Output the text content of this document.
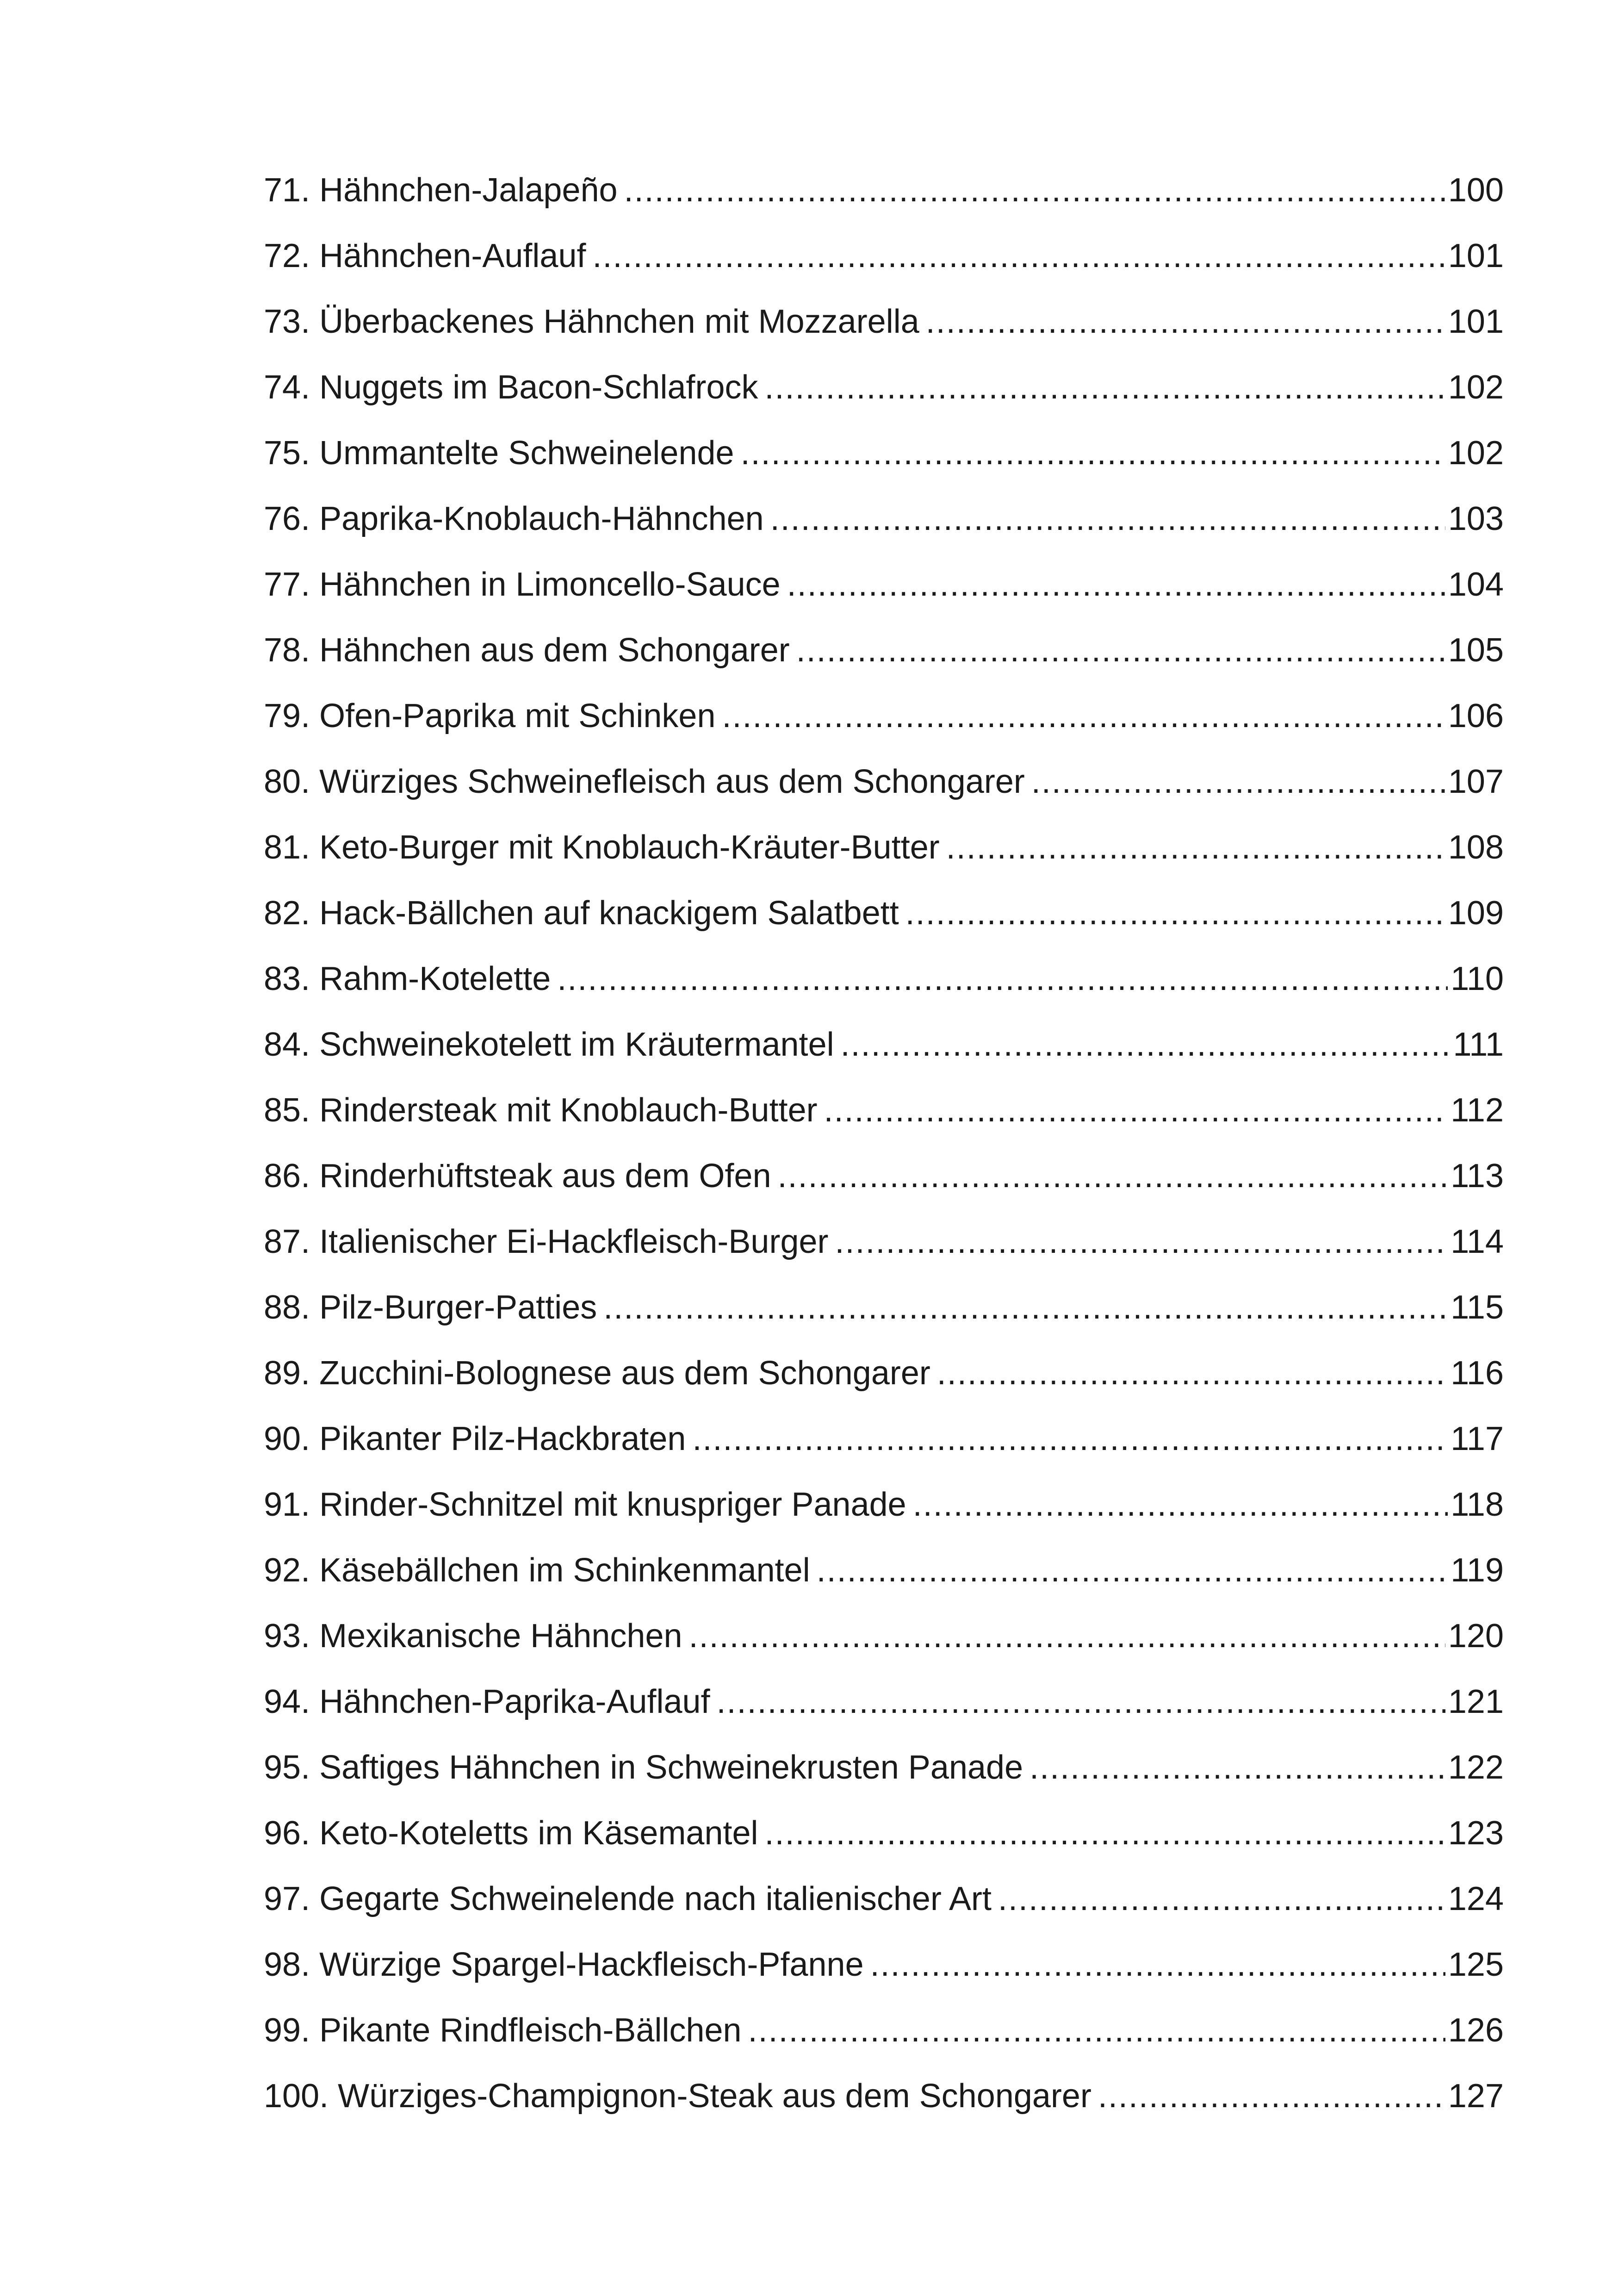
71. Hähnchen-Jalapeño .....	100
72. Hähnchen-Auflauf .....	101
73. Überbackenes Hähnchen mit Mozzarella .....	101
74. Nuggets im Bacon-Schlafrock .....	102
75. Ummantelte Schweinelende .....	102
76. Paprika-Knoblauch-Hähnchen .....	103
77. Hähnchen in Limoncello-Sauce .....	104
78. Hähnchen aus dem Schongarer .....	105
79. Ofen-Paprika mit Schinken .....	106
80. Würziges Schweinefleisch aus dem Schongarer .....	107
81. Keto-Burger mit Knoblauch-Kräuter-Butter .....	108
82. Hack-Bällchen auf knackigem Salatbett .....	109
83. Rahm-Kotelette .....	110
84. Schweinekotelett im Kräutermantel .....	111
85. Rindersteak mit Knoblauch-Butter .....	112
86. Rinderhüftsteak aus dem Ofen .....	113
87. Italienischer Ei-Hackfleisch-Burger .....	114
88. Pilz-Burger-Patties .....	115
89. Zucchini-Bolognese aus dem Schongarer .....	116
90. Pikanter Pilz-Hackbraten .....	117
91. Rinder-Schnitzel mit knuspriger Panade .....	118
92. Käsebällchen im Schinkenmantel .....	119
93. Mexikanische Hähnchen .....	120
94. Hähnchen-Paprika-Auflauf .....	121
95. Saftiges Hähnchen in Schweinekrusten Panade .....	122
96. Keto-Koteletts im Käsemantel .....	123
97. Gegarte Schweinelende nach italienischer Art .....	124
98. Würzige Spargel-Hackfleisch-Pfanne .....	125
99. Pikante Rindfleisch-Bällchen .....	126
100. Würziges-Champignon-Steak aus dem Schongarer .....	127
